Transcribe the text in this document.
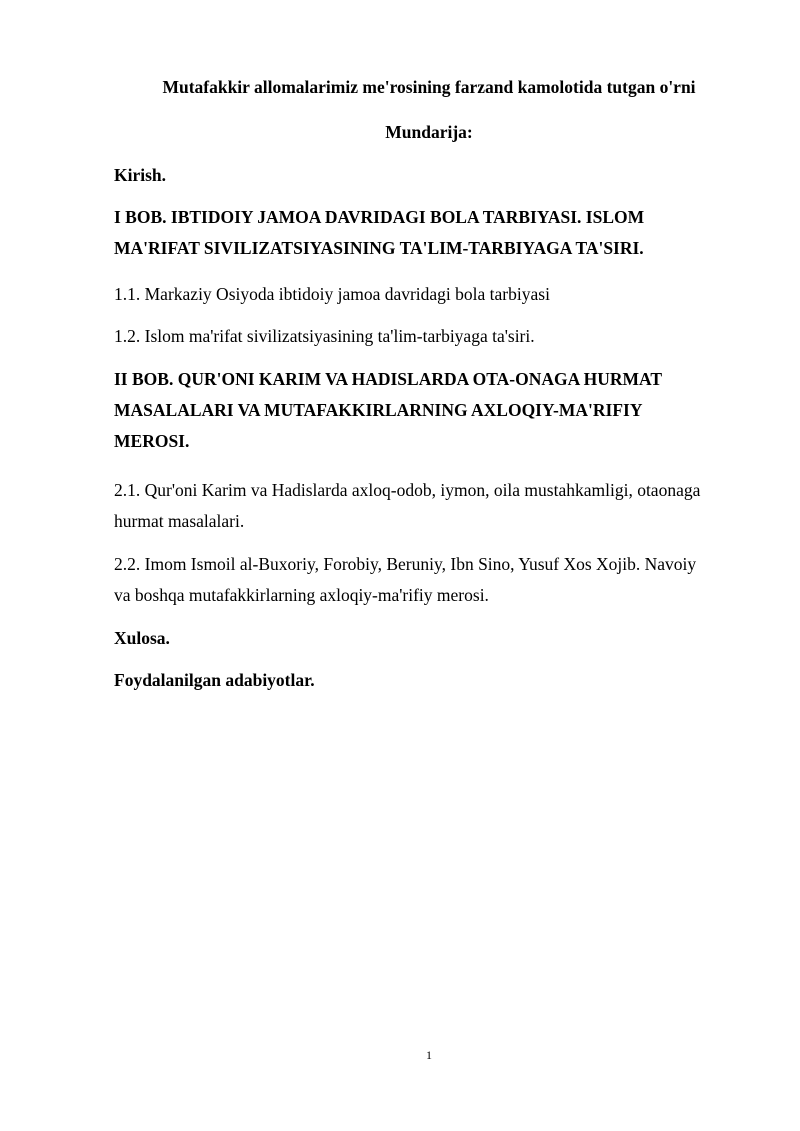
Mutafakkir allomalarimiz me'rosining farzand kamolotida tutgan o'rni

Mundarija:

Kirish.

I BOB. IBTIDOIY JAMOA DAVRIDAGI BOLA TARBIYASI. ISLOM MA'RIFAT SIVILIZATSIYASINING TA'LIM-TARBIYAGA TA'SIRI.

1.1. Markaziy Osiyoda ibtidoiy jamoa davridagi bola tarbiyasi

1.2. Islom ma'rifat sivilizatsiyasining ta'lim-tarbiyaga ta'siri.

II BOB. QUR'ONI KARIM VA HADISLARDA OTA-ONAGA HURMAT MASALALARI VA MUTAFAKKIRLARNING AXLOQIY-MA'RIFIY MEROSI.

2.1. Qur'oni Karim va Hadislarda axloq-odob, iymon, oila mustahkamligi, otaonaga hurmat masalalari.

2.2. Imom Ismoil al-Buxoriy, Forobiy, Beruniy, Ibn Sino, Yusuf Xos Xojib. Navoiy va boshqa mutafakkirlarning axloqiy-ma'rifiy merosi.

Xulosa.

Foydalanilgan adabiyotlar.

1
